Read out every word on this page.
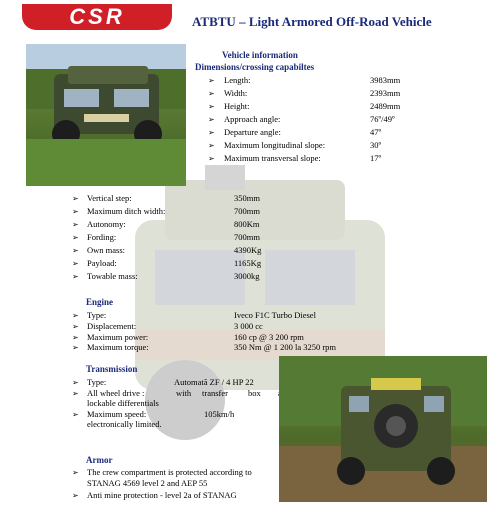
CSR	ATBTU – Light Armored Off-Road Vehicle
Vehicle information
Dimensions/crossing capabiltes
➢ Length:	3983mm
➢ Width:	2393mm
➢ Height:	2489mm
➢ Approach angle:	76º/49º
➢ Departure angle:	47º
➢ Maximum longitudinal slope:	30º
➢ Maximum transversal slope:	17º
➢ Vertical step:	350mm
➢ Maximum ditch width:	700mm
➢ Autonomy:	800Km
➢ Fording:	700mm
➢ Own mass:	4390Kg
➢ Payload:	1165Kg
➢ Towable mass:	3000kg
Engine
➢ Type:	Iveco F1C Turbo Diesel
➢ Displacement:	3 000 cc
➢ Maximum power:	160 cp @ 3 200 rpm
➢ Maximum torque:	350 Nm @ 1 200 la 3250 rpm
Transmission
➢ Type:	Automată ZF / 4 HP 22
➢ All wheel drive :	with transfer box
lockable differentials
➢ Maximum speed:	105km/h
electronically limited.
Armor
➢ The crew compartment is protected according to
STANAG 4569 level 2 and AEP 55
➢ Anti mine protection - level 2a of STANAG
